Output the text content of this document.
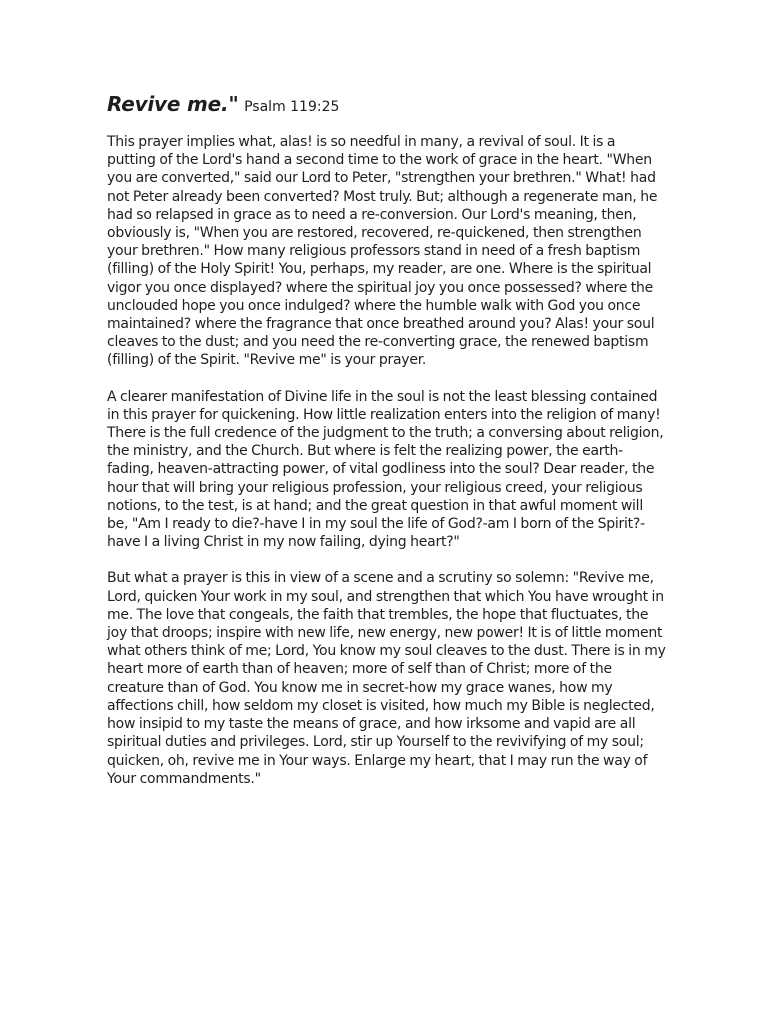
Revive me." Psalm 119:25

This prayer implies what, alas! is so needful in many, a revival of soul. It is a putting of the Lord's hand a second time to the work of grace in the heart. "When you are converted," said our Lord to Peter, "strengthen your brethren." What! had not Peter already been converted? Most truly. But; although a regenerate man, he had so relapsed in grace as to need a re-conversion. Our Lord's meaning, then, obviously is, "When you are restored, recovered, re-quickened, then strengthen your brethren." How many religious professors stand in need of a fresh baptism (filling) of the Holy Spirit! You, perhaps, my reader, are one. Where is the spiritual vigor you once displayed? where the spiritual joy you once possessed? where the unclouded hope you once indulged? where the humble walk with God you once maintained? where the fragrance that once breathed around you? Alas! your soul cleaves to the dust; and you need the re-converting grace, the renewed baptism (filling) of the Spirit. "Revive me" is your prayer.

A clearer manifestation of Divine life in the soul is not the least blessing contained in this prayer for quickening. How little realization enters into the religion of many! There is the full credence of the judgment to the truth; a conversing about religion, the ministry, and the Church. But where is felt the realizing power, the earth-fading, heaven-attracting power, of vital godliness into the soul? Dear reader, the hour that will bring your religious profession, your religious creed, your religious notions, to the test, is at hand; and the great question in that awful moment will be, "Am I ready to die?-have I in my soul the life of God?-am I born of the Spirit?-have I a living Christ in my now failing, dying heart?"

But what a prayer is this in view of a scene and a scrutiny so solemn: "Revive me, Lord, quicken Your work in my soul, and strengthen that which You have wrought in me. The love that congeals, the faith that trembles, the hope that fluctuates, the joy that droops; inspire with new life, new energy, new power! It is of little moment what others think of me; Lord, You know my soul cleaves to the dust. There is in my heart more of earth than of heaven; more of self than of Christ; more of the creature than of God. You know me in secret-how my grace wanes, how my affections chill, how seldom my closet is visited, how much my Bible is neglected, how insipid to my taste the means of grace, and how irksome and vapid are all spiritual duties and privileges. Lord, stir up Yourself to the revivifying of my soul; quicken, oh, revive me in Your ways. Enlarge my heart, that I may run the way of Your commandments."
